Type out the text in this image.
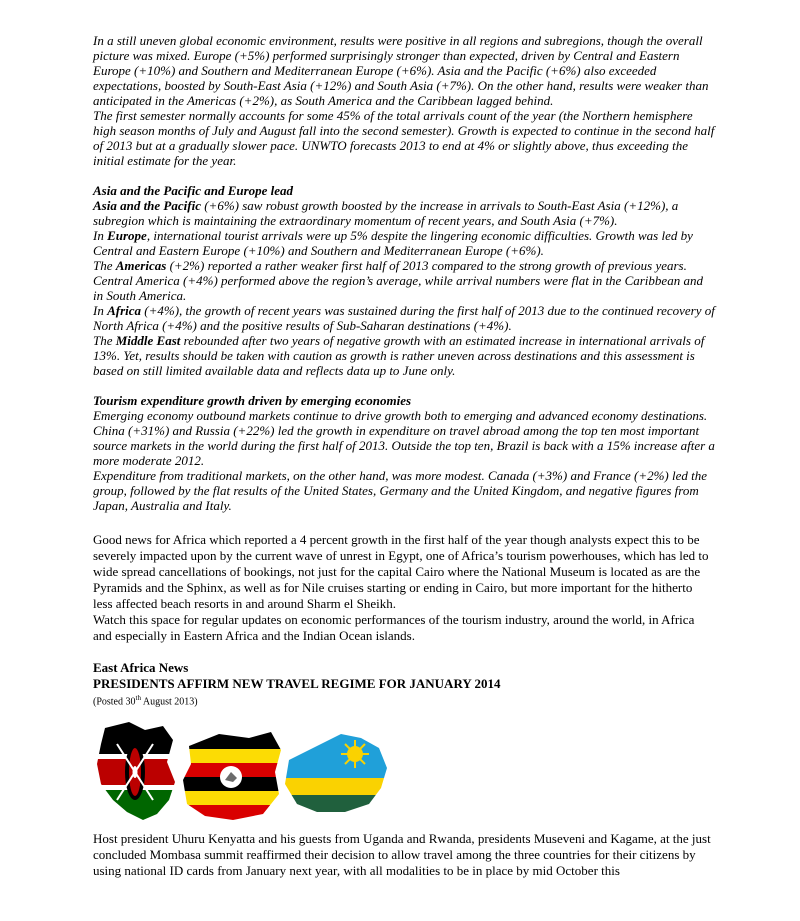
In a still uneven global economic environment, results were positive in all regions and subregions, though the overall picture was mixed. Europe (+5%) performed surprisingly stronger than expected, driven by Central and Eastern Europe (+10%) and Southern and Mediterranean Europe (+6%). Asia and the Pacific (+6%) also exceeded expectations, boosted by South-East Asia (+12%) and South Asia (+7%). On the other hand, results were weaker than anticipated in the Americas (+2%), as South America and the Caribbean lagged behind.

The first semester normally accounts for some 45% of the total arrivals count of the year (the Northern hemisphere high season months of July and August fall into the second semester). Growth is expected to continue in the second half of 2013 but at a gradually slower pace. UNWTO forecasts 2013 to end at 4% or slightly above, thus exceeding the initial estimate for the year.

Asia and the Pacific and Europe lead

Asia and the Pacific (+6%) saw robust growth boosted by the increase in arrivals to South-East Asia (+12%), a subregion which is maintaining the extraordinary momentum of recent years, and South Asia (+7%).

In Europe, international tourist arrivals were up 5% despite the lingering economic difficulties. Growth was led by Central and Eastern Europe (+10%) and Southern and Mediterranean Europe (+6%).

The Americas (+2%) reported a rather weaker first half of 2013 compared to the strong growth of previous years. Central America (+4%) performed above the region’s average, while arrival numbers were flat in the Caribbean and in South America.

In Africa (+4%), the growth of recent years was sustained during the first half of 2013 due to the continued recovery of North Africa (+4%) and the positive results of Sub-Saharan destinations (+4%).

The Middle East rebounded after two years of negative growth with an estimated increase in international arrivals of 13%. Yet, results should be taken with caution as growth is rather uneven across destinations and this assessment is based on still limited available data and reflects data up to June only.

Tourism expenditure growth driven by emerging economies

Emerging economy outbound markets continue to drive growth both to emerging and advanced economy destinations.

China (+31%) and Russia (+22%) led the growth in expenditure on travel abroad among the top ten most important source markets in the world during the first half of 2013. Outside the top ten, Brazil is back with a 15% increase after a more moderate 2012.

Expenditure from traditional markets, on the other hand, was more modest. Canada (+3%) and France (+2%) led the group, followed by the flat results of the United States, Germany and the United Kingdom, and negative figures from Japan, Australia and Italy.

Good news for Africa which reported a 4 percent growth in the first half of the year though analysts expect this to be severely impacted upon by the current wave of unrest in Egypt, one of Africa’s tourism powerhouses, which has led to wide spread cancellations of bookings, not just for the capital Cairo where the National Museum is located as are the Pyramids and the Sphinx, as well as for Nile cruises starting or ending in Cairo, but more important for the hitherto less affected beach resorts in and around Sharm el Sheikh.

Watch this space for regular updates on economic performances of the tourism industry, around the world, in Africa and especially in Eastern Africa and the Indian Ocean islands.

East Africa News

PRESIDENTS AFFIRM NEW TRAVEL REGIME FOR JANUARY 2014

(Posted 30th August 2013)

Host president Uhuru Kenyatta and his guests from Uganda and Rwanda, presidents Museveni and Kagame, at the just concluded Mombasa summit reaffirmed their decision to allow travel among the three countries for their citizens by using national ID cards from January next year, with all modalities to be in place by mid October this
